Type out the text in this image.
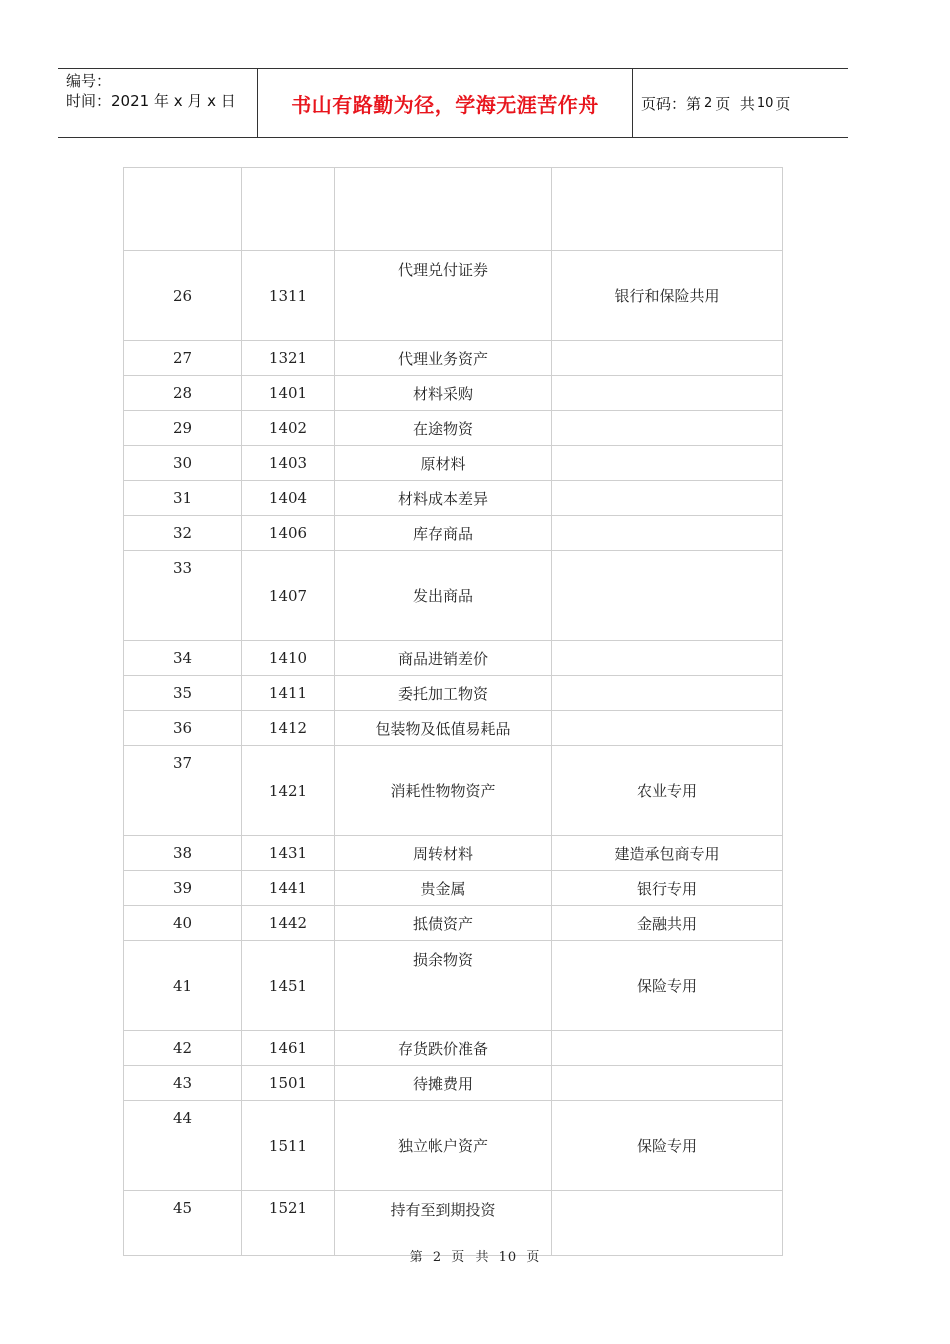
编号：
时间：2021 年 x 月 x 日	书山有路勤为径，学海无涯苦作舟	页码：第 2 页  共 10 页

26	1311	代理兑付证券	银行和保险共用
27	1321	代理业务资产	
28	1401	材料采购	
29	1402	在途物资	
30	1403	原材料	
31	1404	材料成本差异	
32	1406	库存商品	
33	1407	发出商品	
34	1410	商品进销差价	
35	1411	委托加工物资	
36	1412	包装物及低值易耗品	
37	1421	消耗性物物资产	农业专用
38	1431	周转材料	建造承包商专用
39	1441	贵金属	银行专用
40	1442	抵债资产	金融共用
41	1451	损余物资	保险专用
42	1461	存货跌价准备	
43	1501	待摊费用	
44	1511	独立帐户资产	保险专用
45	1521	持有至到期投资	
第 2 页  共 10 页
